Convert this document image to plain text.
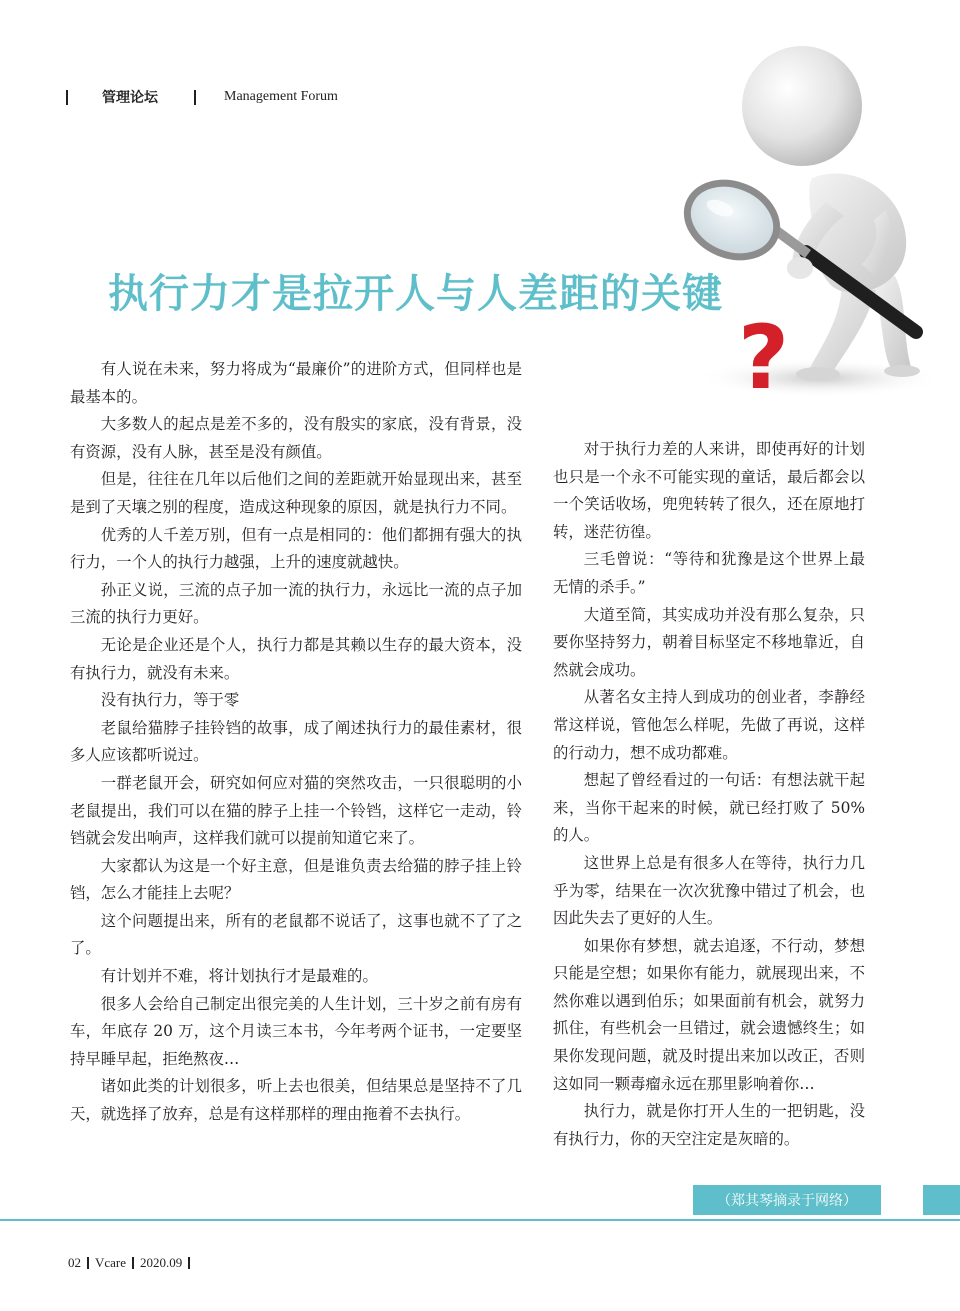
管理论坛	Management Forum
?
执行力才是拉开人与人差距的关键

有人说在未来，努力将成为“最廉价”的进阶方式，但同样也是最基本的。

大多数人的起点是差不多的，没有殷实的家底，没有背景，没有资源，没有人脉，甚至是没有颜值。

但是，往往在几年以后他们之间的差距就开始显现出来，甚至是到了天壤之别的程度，造成这种现象的原因，就是执行力不同。

优秀的人千差万别，但有一点是相同的：他们都拥有强大的执行力，一个人的执行力越强，上升的速度就越快。

孙正义说，三流的点子加一流的执行力，永远比一流的点子加三流的执行力更好。

无论是企业还是个人，执行力都是其赖以生存的最大资本，没有执行力，就没有未来。

没有执行力，等于零

老鼠给猫脖子挂铃铛的故事，成了阐述执行力的最佳素材，很多人应该都听说过。

一群老鼠开会，研究如何应对猫的突然攻击，一只很聪明的小老鼠提出，我们可以在猫的脖子上挂一个铃铛，这样它一走动，铃铛就会发出响声，这样我们就可以提前知道它来了。

大家都认为这是一个好主意，但是谁负责去给猫的脖子挂上铃铛，怎么才能挂上去呢？

这个问题提出来，所有的老鼠都不说话了，这事也就不了了之了。

有计划并不难，将计划执行才是最难的。

很多人会给自己制定出很完美的人生计划，三十岁之前有房有车，年底存 20 万，这个月读三本书，今年考两个证书，一定要坚持早睡早起，拒绝熬夜…

诸如此类的计划很多，听上去也很美，但结果总是坚持不了几天，就选择了放弃，总是有这样那样的理由拖着不去执行。

对于执行力差的人来讲，即使再好的计划也只是一个永不可能实现的童话，最后都会以一个笑话收场，兜兜转转了很久，还在原地打转，迷茫彷徨。

三毛曾说：“等待和犹豫是这个世界上最无情的杀手。”

大道至简，其实成功并没有那么复杂，只要你坚持努力，朝着目标坚定不移地靠近，自然就会成功。

从著名女主持人到成功的创业者，李静经常这样说，管他怎么样呢，先做了再说，这样的行动力，想不成功都难。

想起了曾经看过的一句话：有想法就干起来，当你干起来的时候，就已经打败了 50% 的人。

这世界上总是有很多人在等待，执行力几乎为零，结果在一次次犹豫中错过了机会，也因此失去了更好的人生。

如果你有梦想，就去追逐，不行动，梦想只能是空想；如果你有能力，就展现出来，不然你难以遇到伯乐；如果面前有机会，就努力抓住，有些机会一旦错过，就会遗憾终生；如果你发现问题，就及时提出来加以改正，否则这如同一颗毒瘤永远在那里影响着你…

执行力，就是你打开人生的一把钥匙，没有执行力，你的天空注定是灰暗的。

（郑其琴摘录于网络）
02 Vcare 2020.09
